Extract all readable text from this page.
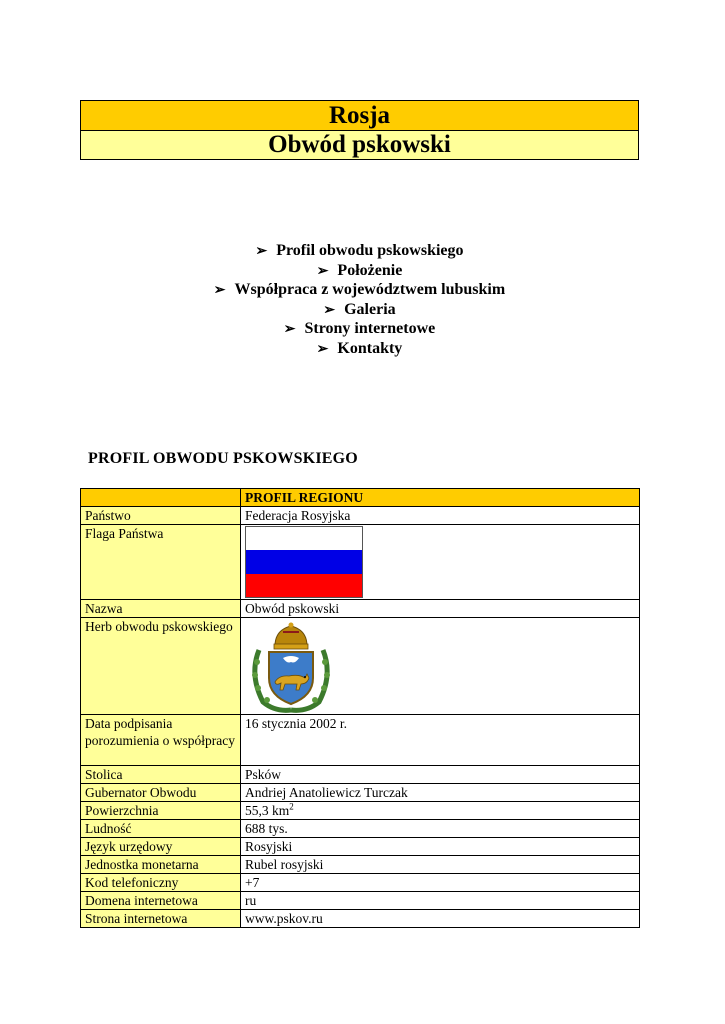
Rosja
Obwód pskowski
➢ Profil obwodu pskowskiego
➢ Położenie
➢ Współpraca z województwem lubuskim
➢ Galeria
➢ Strony internetowe
➢ Kontakty
PROFIL OBWODU PSKOWSKIEGO
	PROFIL REGIONU
Państwo	Federacja Rosyjska
Flaga Państwa	

Nazwa	Obwód pskowski
Herb obwodu pskowskiego	

Data podpisania porozumienia o współpracy	16 stycznia 2002 r.
Stolica	Psków
Gubernator Obwodu	Andriej Anatoliewicz Turczak
Powierzchnia	55,3 $km^2$
Ludność	688 tys.
Język urzędowy	Rosyjski
Jednostka monetarna	Rubel rosyjski
Kod telefoniczny	+7
Domena internetowa	ru
Strona internetowa	www.pskov.ru
